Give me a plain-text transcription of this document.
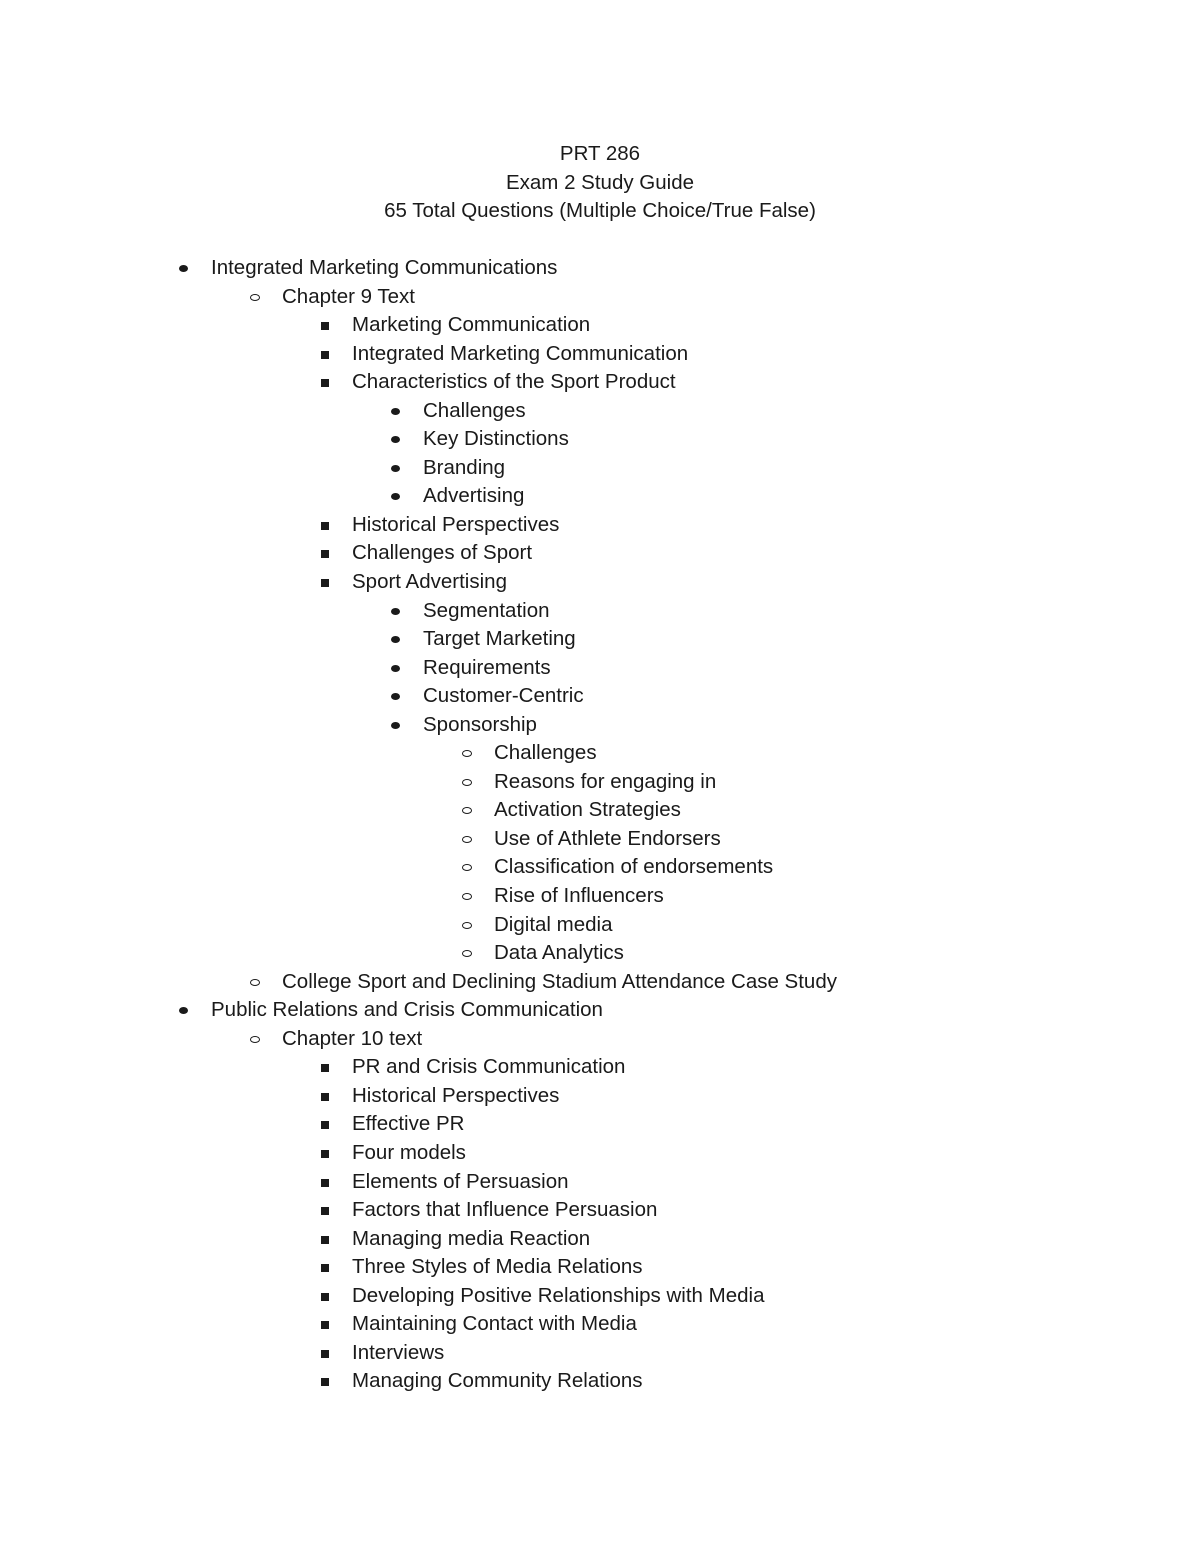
PRT 286
Exam 2 Study Guide
65 Total Questions (Multiple Choice/True False)
Integrated Marketing Communications
Chapter 9 Text
Marketing Communication
Integrated Marketing Communication
Characteristics of the Sport Product
Challenges
Key Distinctions
Branding
Advertising
Historical Perspectives
Challenges of Sport
Sport Advertising
Segmentation
Target Marketing
Requirements
Customer-Centric
Sponsorship
Challenges
Reasons for engaging in
Activation Strategies
Use of Athlete Endorsers
Classification of endorsements
Rise of Influencers
Digital media
Data Analytics
College Sport and Declining Stadium Attendance Case Study
Public Relations and Crisis Communication
Chapter 10 text
PR and Crisis Communication
Historical Perspectives
Effective PR
Four models
Elements of Persuasion
Factors that Influence Persuasion
Managing media Reaction
Three Styles of Media Relations
Developing Positive Relationships with Media
Maintaining Contact with Media
Interviews
Managing Community Relations
